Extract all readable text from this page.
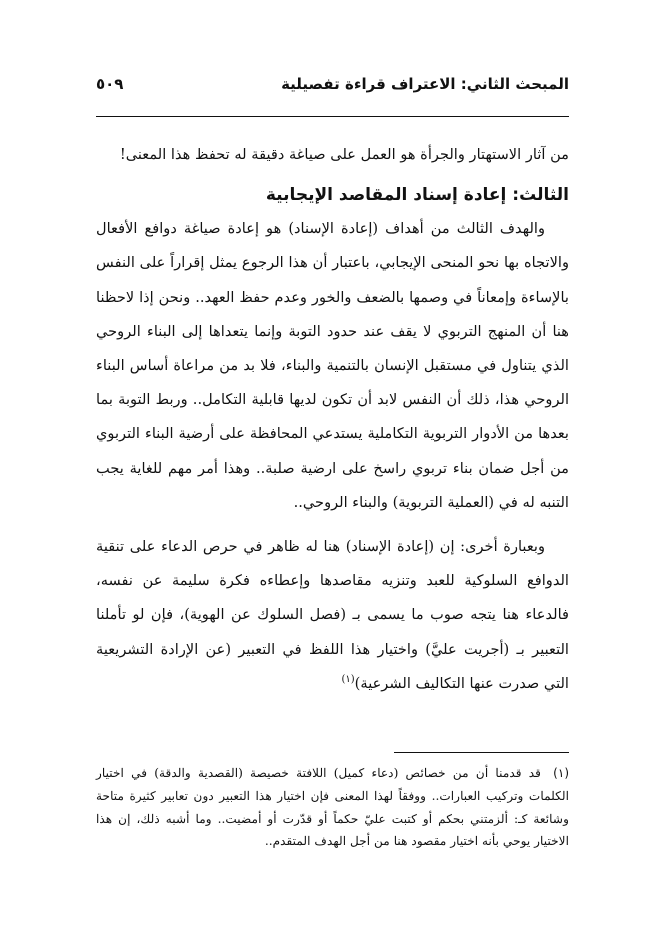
المبحث الثاني: الاعتراف قراءة تفصيلية
٥٠٩

من آثار الاستهتار والجرأة هو العمل على صياغة دقيقة له تحفظ هذا المعنى!

الثالث: إعادة إسناد المقاصد الإيجابية

والهدف الثالث من أهداف (إعادة الإسناد) هو إعادة صياغة دوافع الأفعال والاتجاه بها نحو المنحى الإيجابي، باعتبار أن هذا الرجوع يمثل إقراراً على النفس بالإساءة وإمعاناً في وصمها بالضعف والخور وعدم حفظ العهد.. ونحن إذا لاحظنا هنا أن المنهج التربوي لا يقف عند حدود التوبة وإنما يتعداها إلى البناء الروحي الذي يتناول في مستقبل الإنسان بالتنمية والبناء، فلا بد من مراعاة أساس البناء الروحي هذا، ذلك أن النفس لابد أن تكون لديها قابلية التكامل.. وربط التوبة بما بعدها من الأدوار التربوية التكاملية يستدعي المحافظة على أرضية البناء التربوي من أجل ضمان بناء تربوي راسخ على ارضية صلبة.. وهذا أمر مهم للغاية يجب التنبه له في (العملية التربوية) والبناء الروحي..

وبعبارة أخرى: إن (إعادة الإسناد) هنا له ظاهر في حرص الدعاء على تنقية الدوافع السلوكية للعبد وتنزيه مقاصدها وإعطاءه فكرة سليمة عن نفسه، فالدعاء هنا يتجه صوب ما يسمى بـ (فصل السلوك عن الهوية)، فإن لو تأملنا التعبير بـ (أجريت عليَّ) واختيار هذا اللفظ في التعبير (عن الإرادة التشريعية التي صدرت عنها التكاليف الشرعية)$^{(١)}$

(١)قد قدمنا أن من خصائص (دعاء كميل) اللافتة خصيصة (القصدية والدقة) في اختيار الكلمات وتركيب العبارات.. ووفقاً لهذا المعنى فإن اختيار هذا التعبير دون تعابير كثيرة متاحة وشائعة كـ: ألزمتني بحكم أو كتبت عليّ حكماً أو قدّرت أو أمضيت.. وما أشبه ذلك، إن هذا الاختيار يوحي بأنه اختيار مقصود هنا من أجل الهدف المتقدم..
